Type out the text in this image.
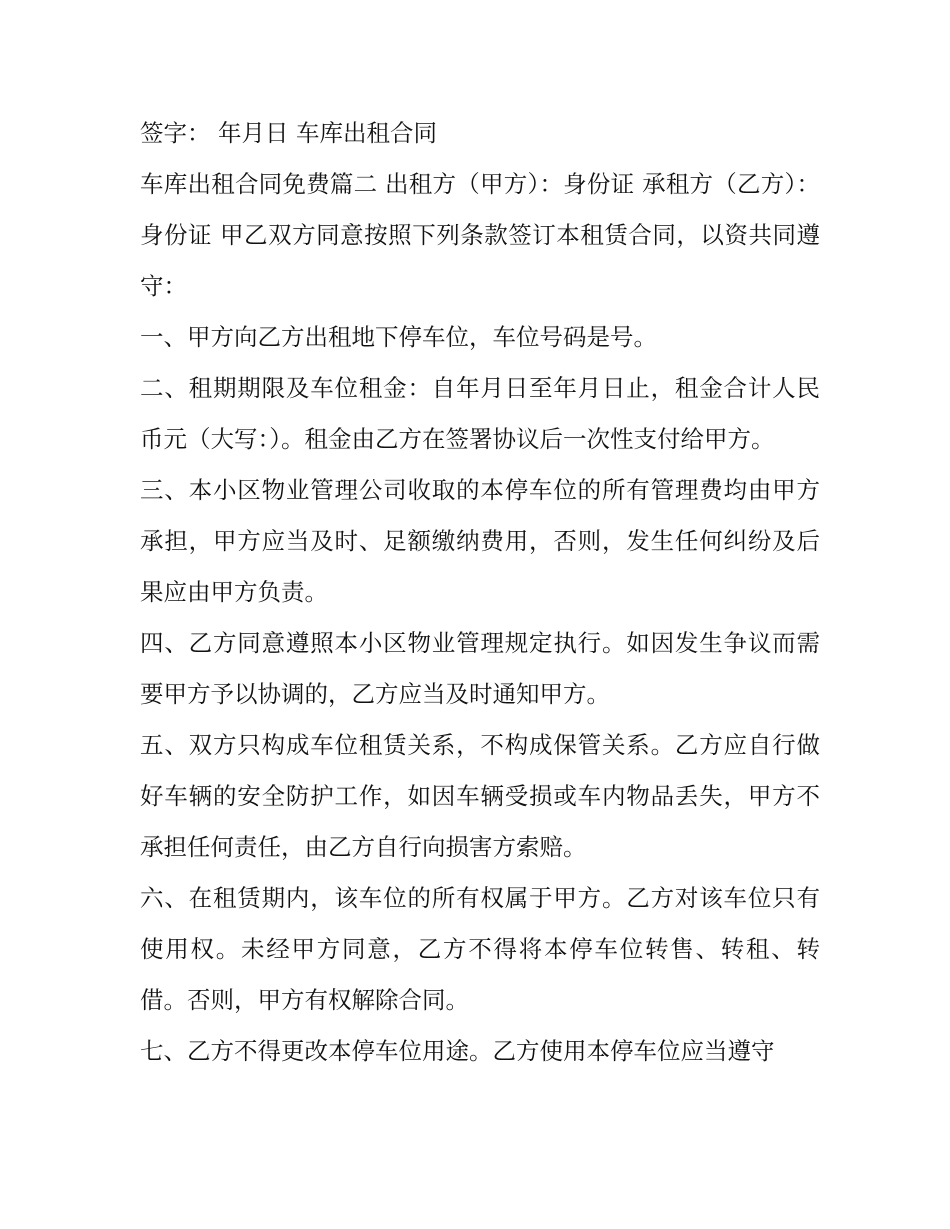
签字： 年月日 车库出租合同

车库出租合同免费篇二 出租方（甲方）：身份证 承租方（乙方）：身份证 甲乙双方同意按照下列条款签订本租赁合同，以资共同遵守：

一、甲方向乙方出租地下停车位，车位号码是号。

二、租期期限及车位租金：自年月日至年月日止，租金合计人民币元（大写：）。租金由乙方在签署协议后一次性支付给甲方。

三、本小区物业管理公司收取的本停车位的所有管理费均由甲方承担，甲方应当及时、足额缴纳费用，否则，发生任何纠纷及后果应由甲方负责。

四、乙方同意遵照本小区物业管理规定执行。如因发生争议而需要甲方予以协调的，乙方应当及时通知甲方。

五、双方只构成车位租赁关系，不构成保管关系。乙方应自行做好车辆的安全防护工作，如因车辆受损或车内物品丢失，甲方不承担任何责任，由乙方自行向损害方索赔。

六、在租赁期内，该车位的所有权属于甲方。乙方对该车位只有使用权。未经甲方同意，乙方不得将本停车位转售、转租、转借。否则，甲方有权解除合同。

七、乙方不得更改本停车位用途。乙方使用本停车位应当遵守
